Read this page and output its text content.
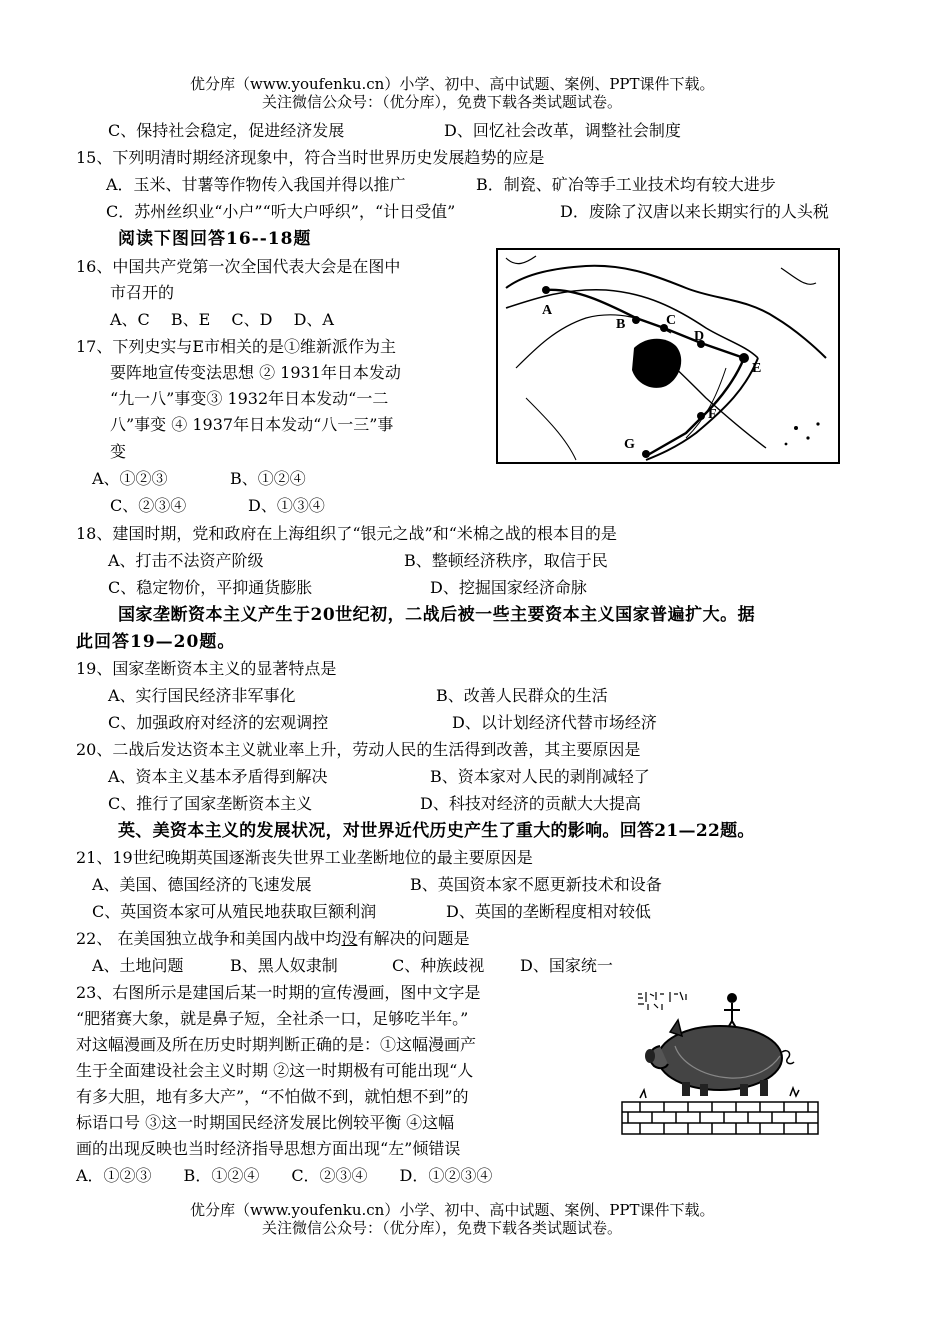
优分库（www.youfenku.cn）小学、初中、高中试题、案例、PPT课件下载。
关注微信公众号：（优分库），免费下载各类试题试卷。
C、保持社会稳定，促进经济发展	D、回忆社会改革，调整社会制度
15、下列明清时期经济现象中，符合当时世界历史发展趋势的应是
A．玉米、甘薯等作物传入我国并得以推广	B．制瓷、矿冶等手工业技术均有较大进步
C．苏州丝织业“小户”“听大户呼织”，“计日受值”	D．废除了汉唐以来长期实行的人头税
阅读下图回答16--18题
16、中国共产党第一次全国代表大会是在图中
市召开的
A、C　 B、E　 C、D　 D、A
17、下列史实与E市相关的是①维新派作为主
要阵地宣传变法思想 ② 1931年日本发动
“九一八”事变③ 1932年日本发动“一二
八”事变 ④ 1937年日本发动“八一三”事
变
A、①②③	B、①②④
C、②③④	D、①③④
A
B	C
D
E
F
G
18、建国时期，党和政府在上海组织了“银元之战”和“米棉之战的根本目的是
A、打击不法资产阶级	B、整顿经济秩序，取信于民
C、稳定物价，平抑通货膨胀	D、挖掘国家经济命脉
国家垄断资本主义产生于20世纪初，二战后被一些主要资本主义国家普遍扩大。据
此回答19—20题。
19、国家垄断资本主义的显著特点是
A、实行国民经济非军事化	B、改善人民群众的生活
C、加强政府对经济的宏观调控	D、以计划经济代替市场经济
20、二战后发达资本主义就业率上升，劳动人民的生活得到改善，其主要原因是
A、资本主义基本矛盾得到解决	B、资本家对人民的剥削减轻了
C、推行了国家垄断资本主义	D、科技对经济的贡献大大提高
英、美资本主义的发展状况，对世界近代历史产生了重大的影响。回答21—22题。
21、19世纪晚期英国逐渐丧失世界工业垄断地位的最主要原因是
A、美国、德国经济的飞速发展	B、英国资本家不愿更新技术和设备
C、英国资本家可从殖民地获取巨额利润	D、英国的垄断程度相对较低
22、 在美国独立战争和美国内战中均没有解决的问题是
A、土地问题	B、黑人奴隶制	C、种族歧视 D、国家统一
23、右图所示是建国后某一时期的宣传漫画，图中文字是
“肥猪赛大象，就是鼻子短，全社杀一口，足够吃半年。”
对这幅漫画及所在历史时期判断正确的是：①这幅漫画产
生于全面建设社会主义时期 ②这一时期极有可能出现“人
有多大胆，地有多大产”，“不怕做不到，就怕想不到”的
标语口号 ③这一时期国民经济发展比例较平衡 ④这幅
画的出现反映也当时经济指导思想方面出现“左”倾错误
A．①②③　　B．①②④　　C．②③④　　D．①②③④
优分库（www.youfenku.cn）小学、初中、高中试题、案例、PPT课件下载。
关注微信公众号：（优分库），免费下载各类试题试卷。
